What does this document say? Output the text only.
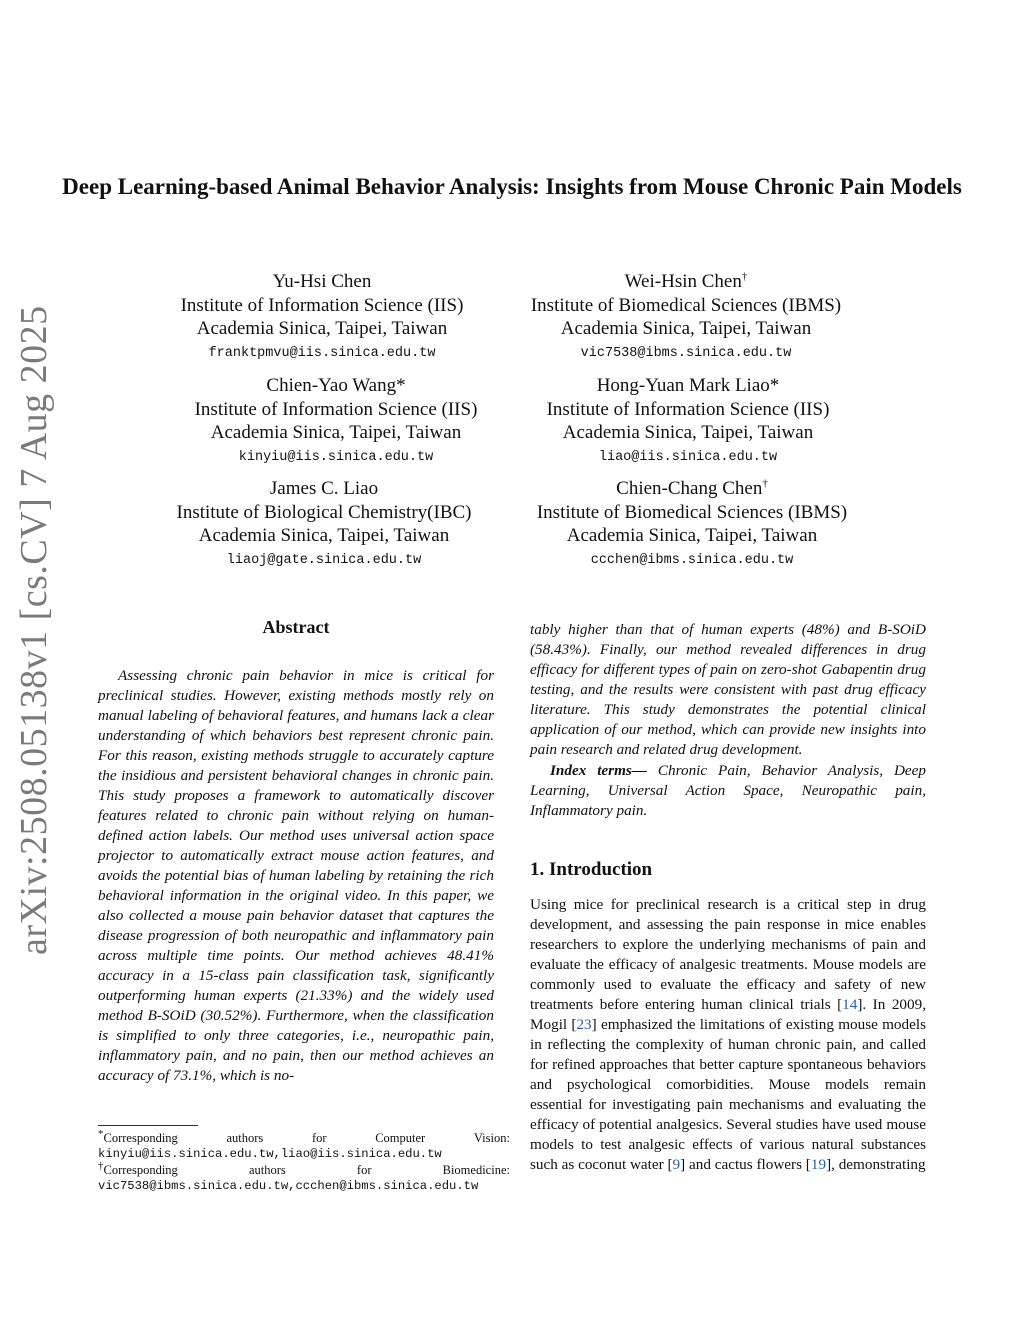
arXiv:2508.05138v1 [cs.CV] 7 Aug 2025
Deep Learning-based Animal Behavior Analysis: Insights from Mouse Chronic Pain Models
Yu-Hsi Chen
Institute of Information Science (IIS)
Academia Sinica, Taipei, Taiwan
franktpmvu@iis.sinica.edu.tw
Wei-Hsin Chen†
Institute of Biomedical Sciences (IBMS)
Academia Sinica, Taipei, Taiwan
vic7538@ibms.sinica.edu.tw
Chien-Yao Wang*
Institute of Information Science (IIS)
Academia Sinica, Taipei, Taiwan
kinyiu@iis.sinica.edu.tw
Hong-Yuan Mark Liao*
Institute of Information Science (IIS)
Academia Sinica, Taipei, Taiwan
liao@iis.sinica.edu.tw
James C. Liao
Institute of Biological Chemistry(IBC)
Academia Sinica, Taipei, Taiwan
liaoj@gate.sinica.edu.tw
Chien-Chang Chen†
Institute of Biomedical Sciences (IBMS)
Academia Sinica, Taipei, Taiwan
ccchen@ibms.sinica.edu.tw
Abstract

Assessing chronic pain behavior in mice is critical for preclinical studies. However, existing methods mostly rely on manual labeling of behavioral features, and humans lack a clear understanding of which behaviors best represent chronic pain. For this reason, existing methods struggle to accurately capture the insidious and persistent behavioral changes in chronic pain. This study proposes a framework to automatically discover features related to chronic pain without relying on human-defined action labels. Our method uses universal action space projector to automatically extract mouse action features, and avoids the potential bias of human labeling by retaining the rich behavioral information in the original video. In this paper, we also collected a mouse pain behavior dataset that captures the disease progression of both neuropathic and inflammatory pain across multiple time points. Our method achieves 48.41% accuracy in a 15-class pain classification task, significantly outperforming human experts (21.33%) and the widely used method B-SOiD (30.52%). Furthermore, when the classification is simplified to only three categories, i.e., neuropathic pain, inflammatory pain, and no pain, then our method achieves an accuracy of 73.1%, which is no-

tably higher than that of human experts (48%) and B-SOiD (58.43%). Finally, our method revealed differences in drug efficacy for different types of pain on zero-shot Gabapentin drug testing, and the results were consistent with past drug efficacy literature. This study demonstrates the potential clinical application of our method, which can provide new insights into pain research and related drug development.

Index terms— Chronic Pain, Behavior Analysis, Deep Learning, Universal Action Space, Neuropathic pain, Inflammatory pain.

1. Introduction

Using mice for preclinical research is a critical step in drug development, and assessing the pain response in mice enables researchers to explore the underlying mechanisms of pain and evaluate the efficacy of analgesic treatments. Mouse models are commonly used to evaluate the efficacy and safety of new treatments before entering human clinical trials [14]. In 2009, Mogil [23] emphasized the limitations of existing mouse models in reflecting the complexity of human chronic pain, and called for refined approaches that better capture spontaneous behaviors and psychological comorbidities. Mouse models remain essential for investigating pain mechanisms and evaluating the efficacy of potential analgesics. Several studies have used mouse models to test analgesic effects of various natural substances such as coconut water [9] and cactus flowers [19], demonstrating

*Corresponding	authors	for	Computer	Vision:
kinyiu@iis.sinica.edu.tw,liao@iis.sinica.edu.tw
†Corresponding	authors	for	Biomedicine:
vic7538@ibms.sinica.edu.tw,ccchen@ibms.sinica.edu.tw
